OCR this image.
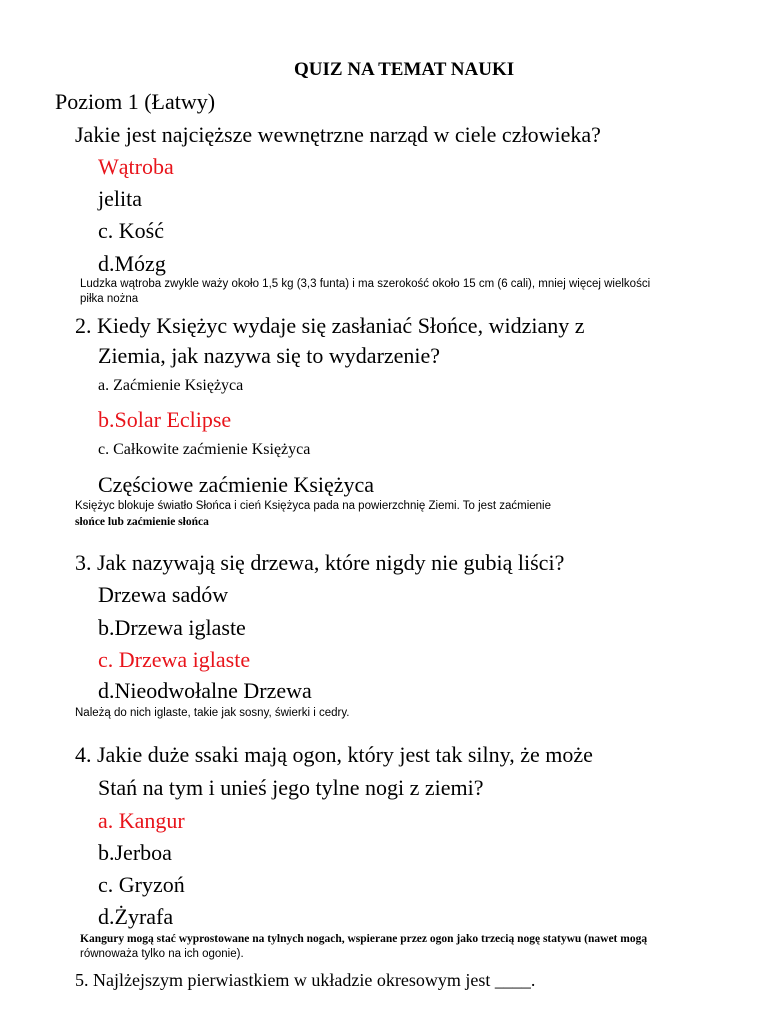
QUIZ NA TEMAT NAUKI
Poziom 1 (Łatwy)
Jakie jest najcięższe wewnętrzne narząd w ciele człowieka?
Wątroba
jelita
c. Kość
d.Mózg
Ludzka wątroba zwykle waży około 1,5 kg (3,3 funta) i ma szerokość około 15 cm (6 cali), mniej więcej wielkości
piłka nożna
2. Kiedy Księżyc wydaje się zasłaniać Słońce, widziany z
Ziemia, jak nazywa się to wydarzenie?
a. Zaćmienie Księżyca
b.Solar Eclipse
c. Całkowite zaćmienie Księżyca
Częściowe zaćmienie Księżyca
Księżyc blokuje światło Słońca i cień Księżyca pada na powierzchnię Ziemi. To jest zaćmienie
słońce lub zaćmienie słońca
3. Jak nazywają się drzewa, które nigdy nie gubią liści?
Drzewa sadów
b.Drzewa iglaste
c. Drzewa iglaste
d.Nieodwołalne Drzewa
Należą do nich iglaste, takie jak sosny, świerki i cedry.
4. Jakie duże ssaki mają ogon, który jest tak silny, że może
Stań na tym i unieś jego tylne nogi z ziemi?
a. Kangur
b.Jerboa
c. Gryzoń
d.Żyrafa
Kangury mogą stać wyprostowane na tylnych nogach, wspierane przez ogon jako trzecią nogę statywu (nawet mogą
równoważa tylko na ich ogonie).
5. Najlżejszym pierwiastkiem w układzie okresowym jest ____.
